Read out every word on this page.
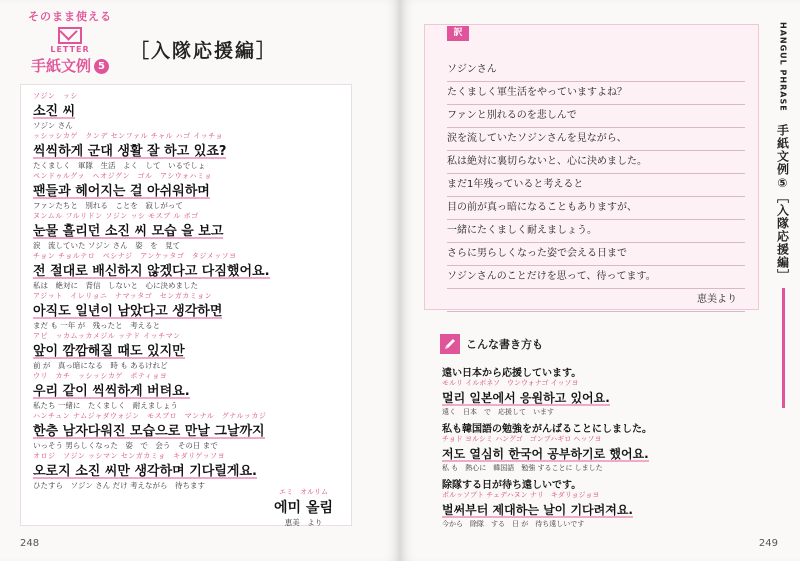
そのまま使える
LETTER
手紙文例 5
［入隊応援編］
ソジン　ッシ
소진 씨
ソジン さん
ッシッシカゲ　クンデ センファル チャル ハゴ イッチョ
씩씩하게 군대 생활 잘 하고 있죠?
たくましく　軍隊　生活　よく　して　いるでしょ
ペンドゥルグァ　ヘオジグン　ゴル　アシウォハミョ
팬들과 헤어지는 걸 아쉬워하며
ファンたちと　別れる　ことを　寂しがって
ヌンムル フルリドン ソジン ッシ モスブ ル ボゴ
눈물 흘리던 소진 씨 모습 을 보고
涙　流していた ソジン さん　姿　を　見て
チョン チョルテロ　ベシナジ　アンケッタゴ　タジメッソヨ
전 절대로 배신하지 않겠다고 다짐했어요.
私は　絶対に　背信　しないと　心に決めました
アジット　イレリョニ　ナマッタゴ　センガカミョン
아직도 일년이 남았다고 생각하면
まだ も 一年 が　残ったと　考えると
アピ　ッカムッカメジル ッテド イッチマン
앞이 깜깜해질 때도 있지만
前 が　真っ暗になる　時 も あるけれど
ウリ　カチ　ッシッシカゲ　ポティョヨ
우리 같이 씩씩하게 버텨요.
私たち 一緒に　たくましく　耐えましょう
ハンチュン ナムジャダウォジン　モスブロ　マンナル　グナルッカジ
한층 남자다워진 모습으로 만날 그날까지
いっそう 男らしくなった　姿　で　会う　その日 まで
オロジ　ソジン ッシマン センガカミョ　キダリゲッソヨ
오로지 소진 씨만 생각하며 기다릴게요.
ひたすら　ソジン さん だけ 考えながら　待ちます
エミ　オルリム
에미 올림
恵美　より
248
訳
ソジンさん
たくましく軍生活をやっていますよね？
ファンと別れるのを悲しんで
涙を流していたソジンさんを見ながら、
私は絶対に裏切らないと、心に決めました。
まだ1年残っていると考えると
目の前が真っ暗になることもありますが、
一緒にたくましく耐えましょう。
さらに男らしくなった姿で会える日まで
ソジンさんのことだけを思って、待ってます。
恵美より
こんな書き方も
遠い日本から応援しています。
モルリ イルボネソ　ウンウォナゴ イッソヨ
멀리 일본에서 응원하고 있어요.
遠く　日本　で　応援して　います
私も韓国語の勉強をがんばることにしました。
チョド ヨルシミ ハングゴ　ゴンブハギロ ヘッソヨ
저도 열심히 한국어 공부하기로 했어요.
私 も　熱心に　韓国語　勉強 することに しました
除隊する日が待ち遠しいです。
ポルッソブト チェデハヌン ナリ　キダリョジョヨ
벌써부터 제대하는 날이 기다려져요.
今から　除隊　する　日 が　待ち遠しいです
HANGUL PHRASE
手紙文例⑤［入隊応援編］
249
